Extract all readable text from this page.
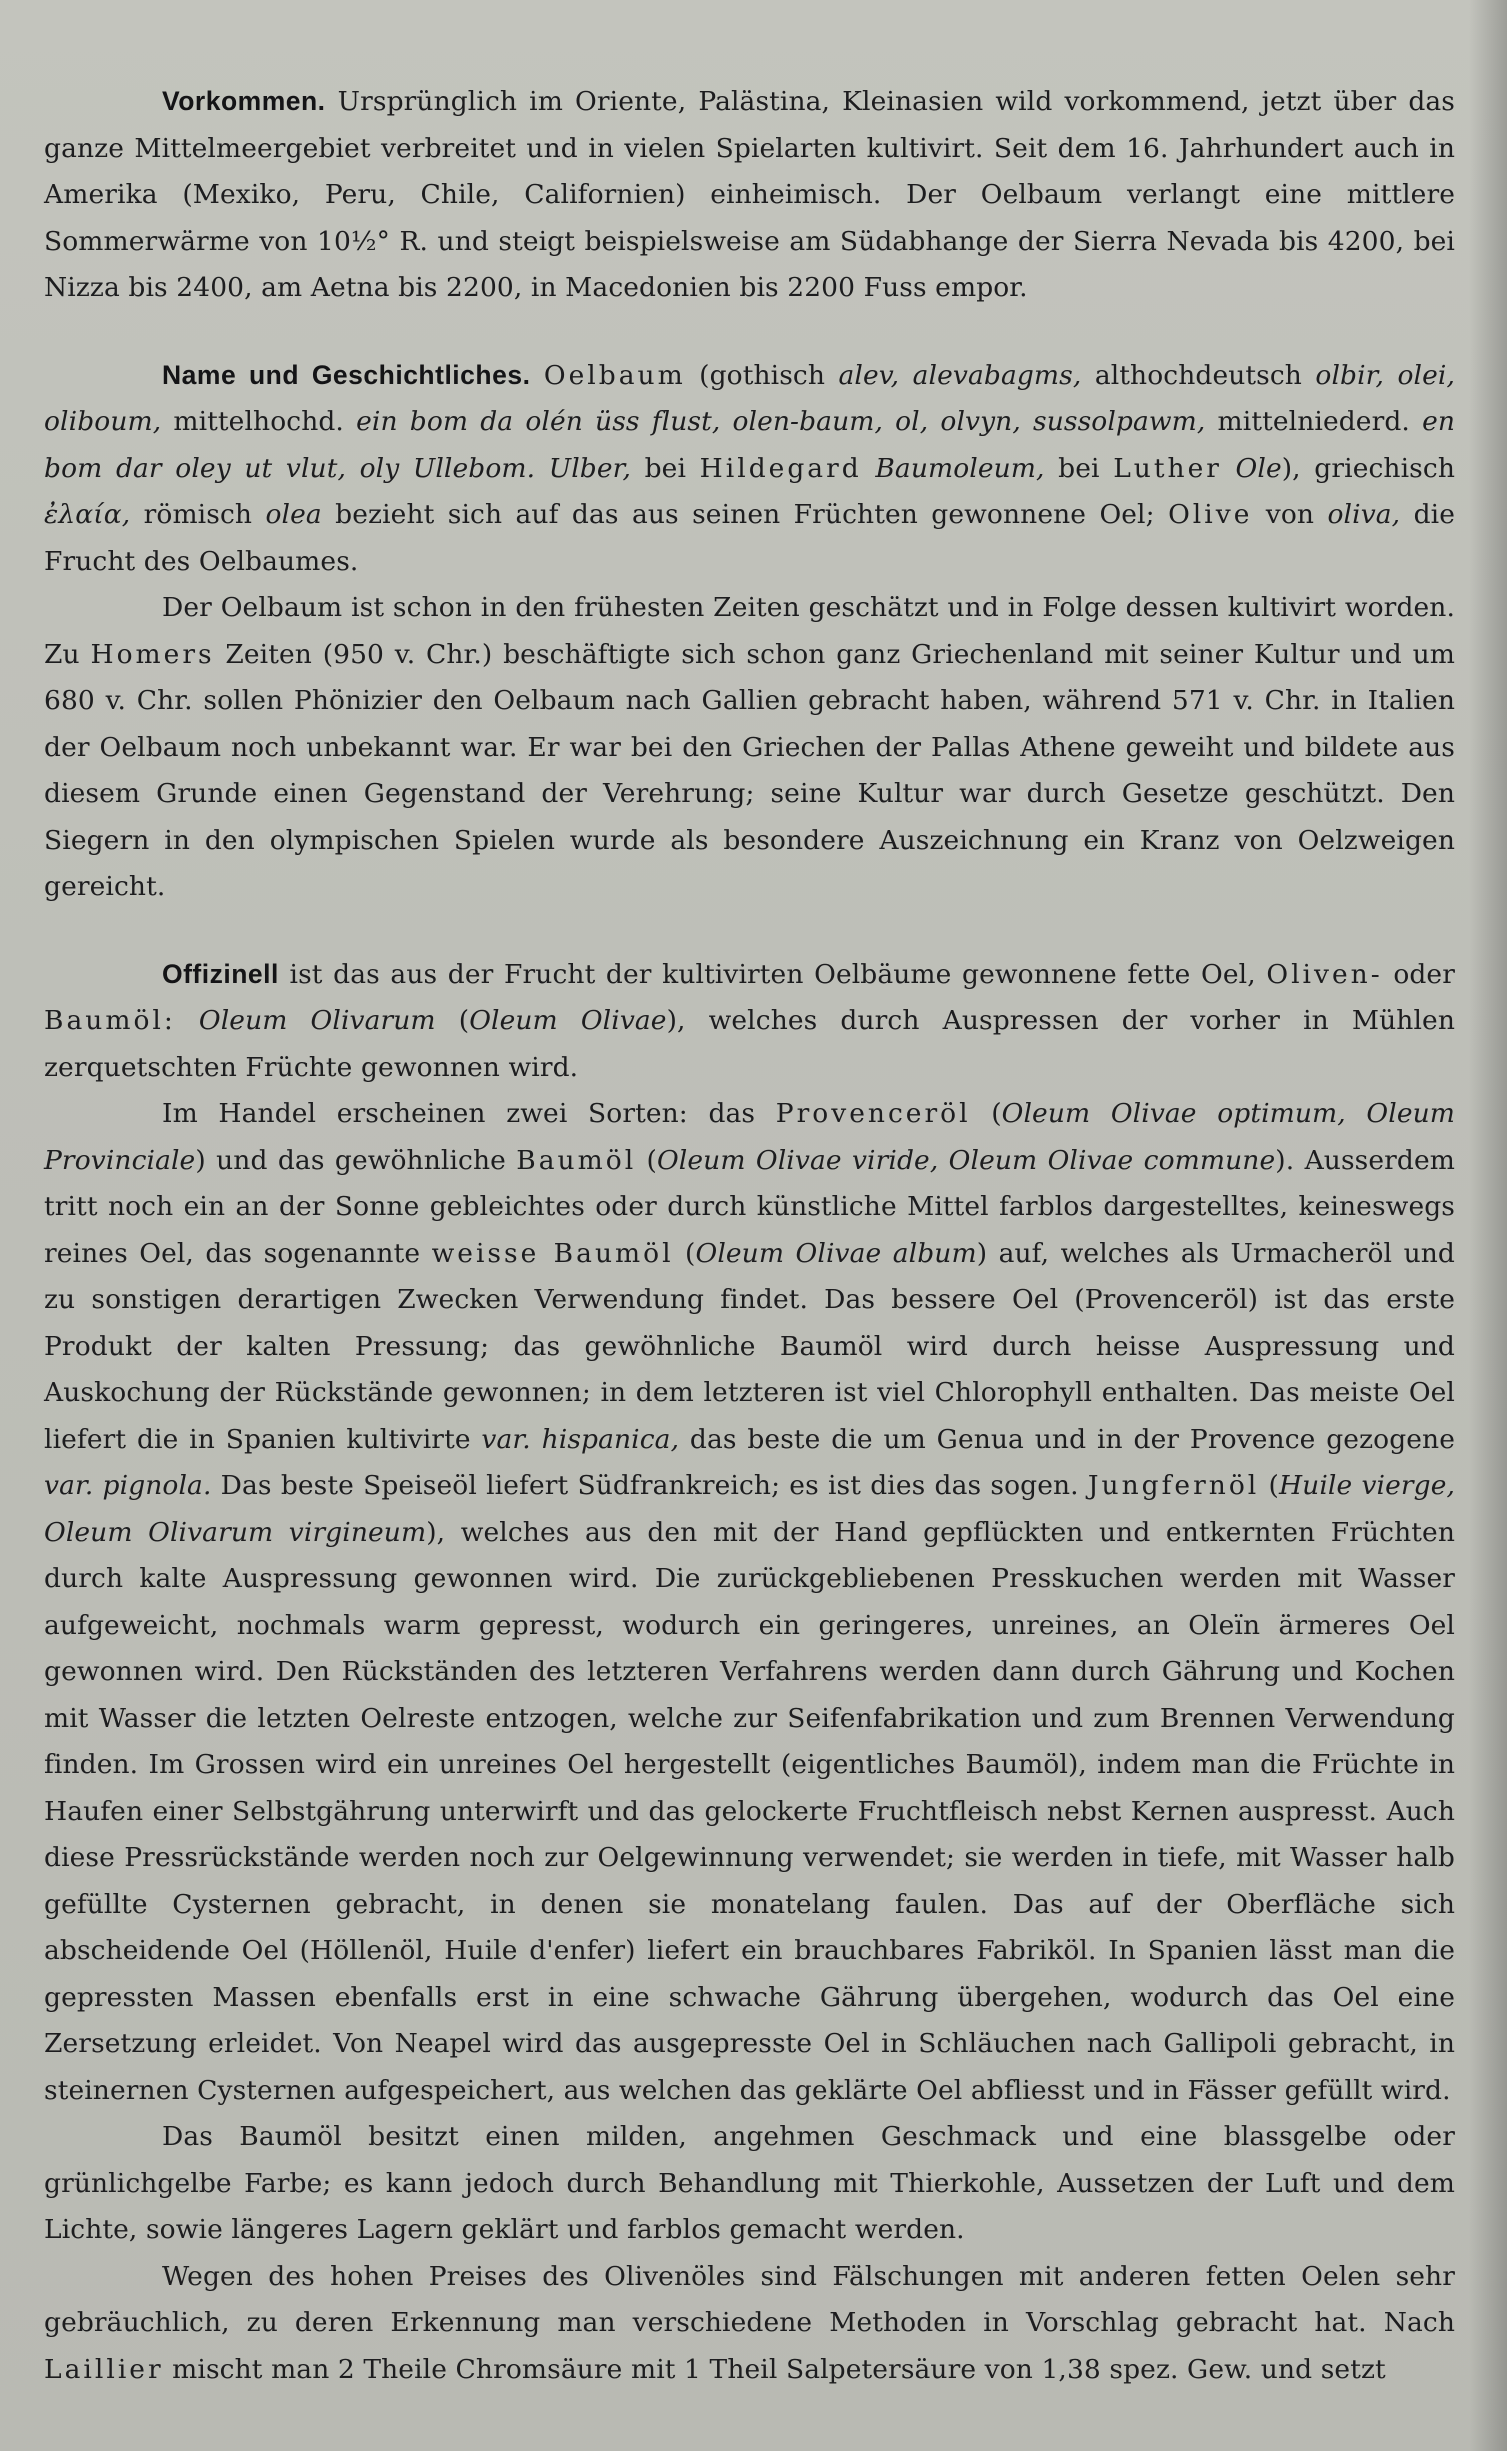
Vorkommen. Ursprünglich im Oriente, Palästina, Kleinasien wild vorkommend, jetzt über das ganze Mittelmeergebiet verbreitet und in vielen Spielarten kultivirt. Seit dem 16. Jahrhundert auch in Amerika (Mexiko, Peru, Chile, Californien) einheimisch. Der Oelbaum verlangt eine mittlere Sommerwärme von 10½° R. und steigt beispielsweise am Südabhange der Sierra Nevada bis 4200, bei Nizza bis 2400, am Aetna bis 2200, in Macedonien bis 2200 Fuss empor.

Name und Geschichtliches. Oelbaum (gothisch alev, alevabagms, althochdeutsch olbir, olei, oliboum, mittelhochd. ein bom da olén üss flust, olen-baum, ol, olvyn, sussolpawm, mittelniederd. en bom dar oley ut vlut, oly Ullebom. Ulber, bei Hildegard Baumoleum, bei Luther Ole), griechisch ἐλαία, römisch olea bezieht sich auf das aus seinen Früchten gewonnene Oel; Olive von oliva, die Frucht des Oelbaumes.

Der Oelbaum ist schon in den frühesten Zeiten geschätzt und in Folge dessen kultivirt worden. Zu Homers Zeiten (950 v. Chr.) beschäftigte sich schon ganz Griechenland mit seiner Kultur und um 680 v. Chr. sollen Phönizier den Oelbaum nach Gallien gebracht haben, während 571 v. Chr. in Italien der Oelbaum noch unbekannt war. Er war bei den Griechen der Pallas Athene geweiht und bildete aus diesem Grunde einen Gegenstand der Verehrung; seine Kultur war durch Gesetze geschützt. Den Siegern in den olympischen Spielen wurde als besondere Auszeichnung ein Kranz von Oelzweigen gereicht.

Offizinell ist das aus der Frucht der kultivirten Oelbäume gewonnene fette Oel, Oliven- oder Baumöl: Oleum Olivarum (Oleum Olivae), welches durch Auspressen der vorher in Mühlen zerquetschten Früchte gewonnen wird.

Im Handel erscheinen zwei Sorten: das Provenceröl (Oleum Olivae optimum, Oleum Provinciale) und das gewöhnliche Baumöl (Oleum Olivae viride, Oleum Olivae commune). Ausserdem tritt noch ein an der Sonne gebleichtes oder durch künstliche Mittel farblos dargestelltes, keineswegs reines Oel, das sogenannte weisse Baumöl (Oleum Olivae album) auf, welches als Urmacheröl und zu sonstigen derartigen Zwecken Verwendung findet. Das bessere Oel (Provenceröl) ist das erste Produkt der kalten Pressung; das gewöhnliche Baumöl wird durch heisse Auspressung und Auskochung der Rückstände gewonnen; in dem letzteren ist viel Chlorophyll enthalten. Das meiste Oel liefert die in Spanien kultivirte var. hispanica, das beste die um Genua und in der Provence gezogene var. pignola. Das beste Speiseöl liefert Südfrankreich; es ist dies das sogen. Jungfernöl (Huile vierge, Oleum Olivarum virgineum), welches aus den mit der Hand gepflückten und entkernten Früchten durch kalte Auspressung gewonnen wird. Die zurückgebliebenen Presskuchen werden mit Wasser aufgeweicht, nochmals warm gepresst, wodurch ein geringeres, unreines, an Oleïn ärmeres Oel gewonnen wird. Den Rückständen des letzteren Verfahrens werden dann durch Gährung und Kochen mit Wasser die letzten Oelreste entzogen, welche zur Seifenfabrikation und zum Brennen Verwendung finden. Im Grossen wird ein unreines Oel hergestellt (eigentliches Baumöl), indem man die Früchte in Haufen einer Selbstgährung unterwirft und das gelockerte Fruchtfleisch nebst Kernen auspresst. Auch diese Pressrückstände werden noch zur Oelgewinnung verwendet; sie werden in tiefe, mit Wasser halb gefüllte Cysternen gebracht, in denen sie monatelang faulen. Das auf der Oberfläche sich abscheidende Oel (Höllenöl, Huile d'enfer) liefert ein brauchbares Fabriköl. In Spanien lässt man die gepressten Massen ebenfalls erst in eine schwache Gährung übergehen, wodurch das Oel eine Zersetzung erleidet. Von Neapel wird das ausgepresste Oel in Schläuchen nach Gallipoli gebracht, in steinernen Cysternen aufgespeichert, aus welchen das geklärte Oel abfliesst und in Fässer gefüllt wird.

Das Baumöl besitzt einen milden, angehmen Geschmack und eine blassgelbe oder grünlichgelbe Farbe; es kann jedoch durch Behandlung mit Thierkohle, Aussetzen der Luft und dem Lichte, sowie längeres Lagern geklärt und farblos gemacht werden.

Wegen des hohen Preises des Olivenöles sind Fälschungen mit anderen fetten Oelen sehr gebräuchlich, zu deren Erkennung man verschiedene Methoden in Vorschlag gebracht hat. Nach Laillier mischt man 2 Theile Chromsäure mit 1 Theil Salpetersäure von 1,38 spez. Gew. und setzt
